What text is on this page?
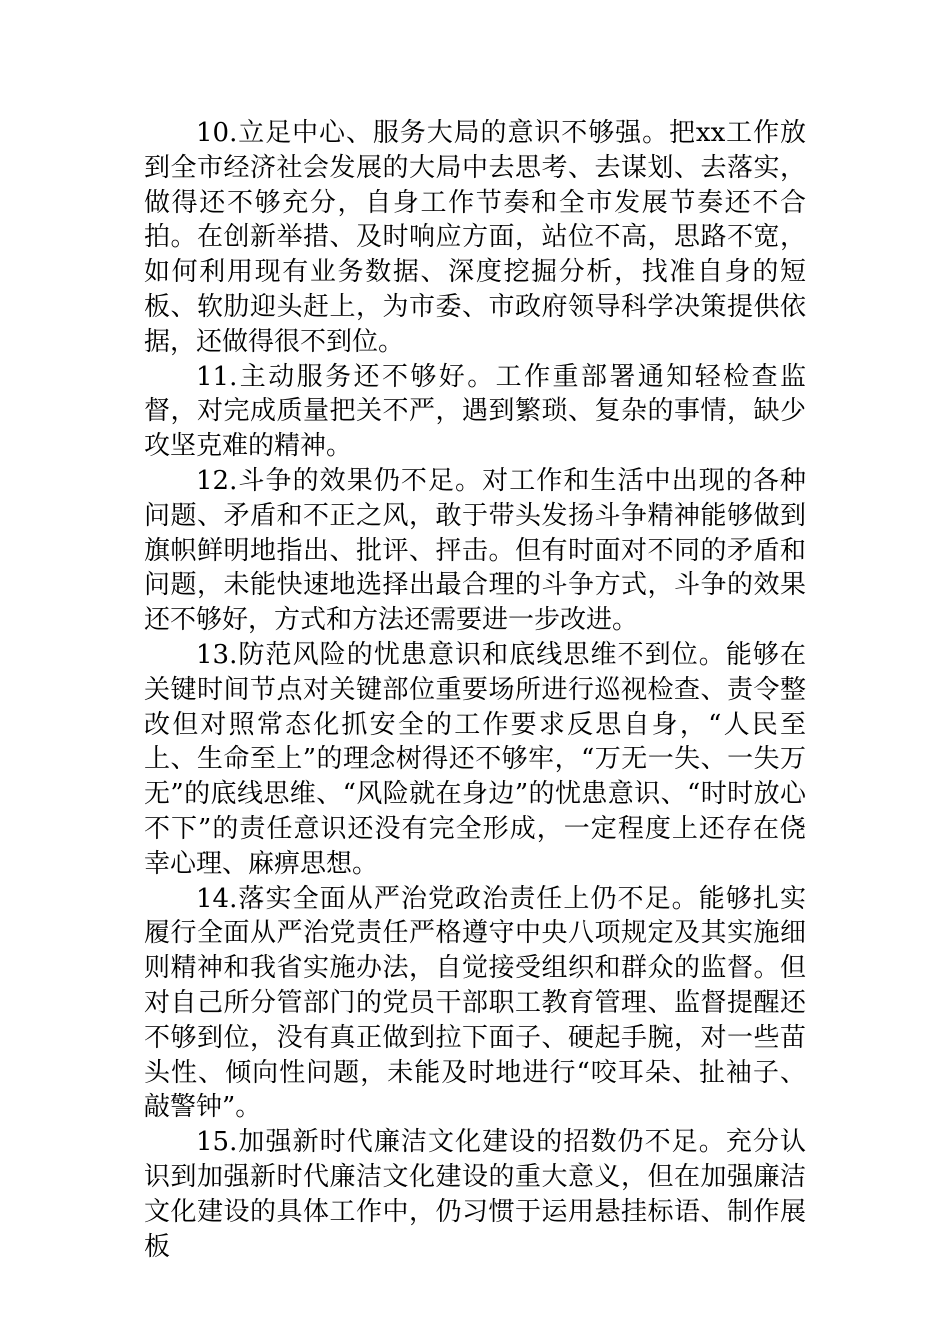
10.立足中心、服务大局的意识不够强。把xx工作放到全市经济社会发展的大局中去思考、去谋划、去落实，做得还不够充分，自身工作节奏和全市发展节奏还不合拍。在创新举措、及时响应方面，站位不高，思路不宽，如何利用现有业务数据、深度挖掘分析，找准自身的短板、软肋迎头赶上，为市委、市政府领导科学决策提供依据，还做得很不到位。

11.主动服务还不够好。工作重部署通知轻检查监督，对完成质量把关不严，遇到繁琐、复杂的事情，缺少攻坚克难的精神。

12.斗争的效果仍不足。对工作和生活中出现的各种问题、矛盾和不正之风，敢于带头发扬斗争精神能够做到旗帜鲜明地指出、批评、抨击。但有时面对不同的矛盾和问题，未能快速地选择出最合理的斗争方式，斗争的效果还不够好，方式和方法还需要进一步改进。

13.防范风险的忧患意识和底线思维不到位。能够在关键时间节点对关键部位重要场所进行巡视检查、责令整改但对照常态化抓安全的工作要求反思自身，“人民至上、生命至上”的理念树得还不够牢，“万无一失、一失万无”的底线思维、“风险就在身边”的忧患意识、“时时放心不下”的责任意识还没有完全形成，一定程度上还存在侥幸心理、麻痹思想。

14.落实全面从严治党政治责任上仍不足。能够扎实履行全面从严治党责任严格遵守中央八项规定及其实施细则精神和我省实施办法，自觉接受组织和群众的监督。但对自己所分管部门的党员干部职工教育管理、监督提醒还不够到位，没有真正做到拉下面子、硬起手腕，对一些苗头性、倾向性问题，未能及时地进行“咬耳朵、扯袖子、敲警钟”。

15.加强新时代廉洁文化建设的招数仍不足。充分认识到加强新时代廉洁文化建设的重大意义，但在加强廉洁文化建设的具体工作中，仍习惯于运用悬挂标语、制作展板
